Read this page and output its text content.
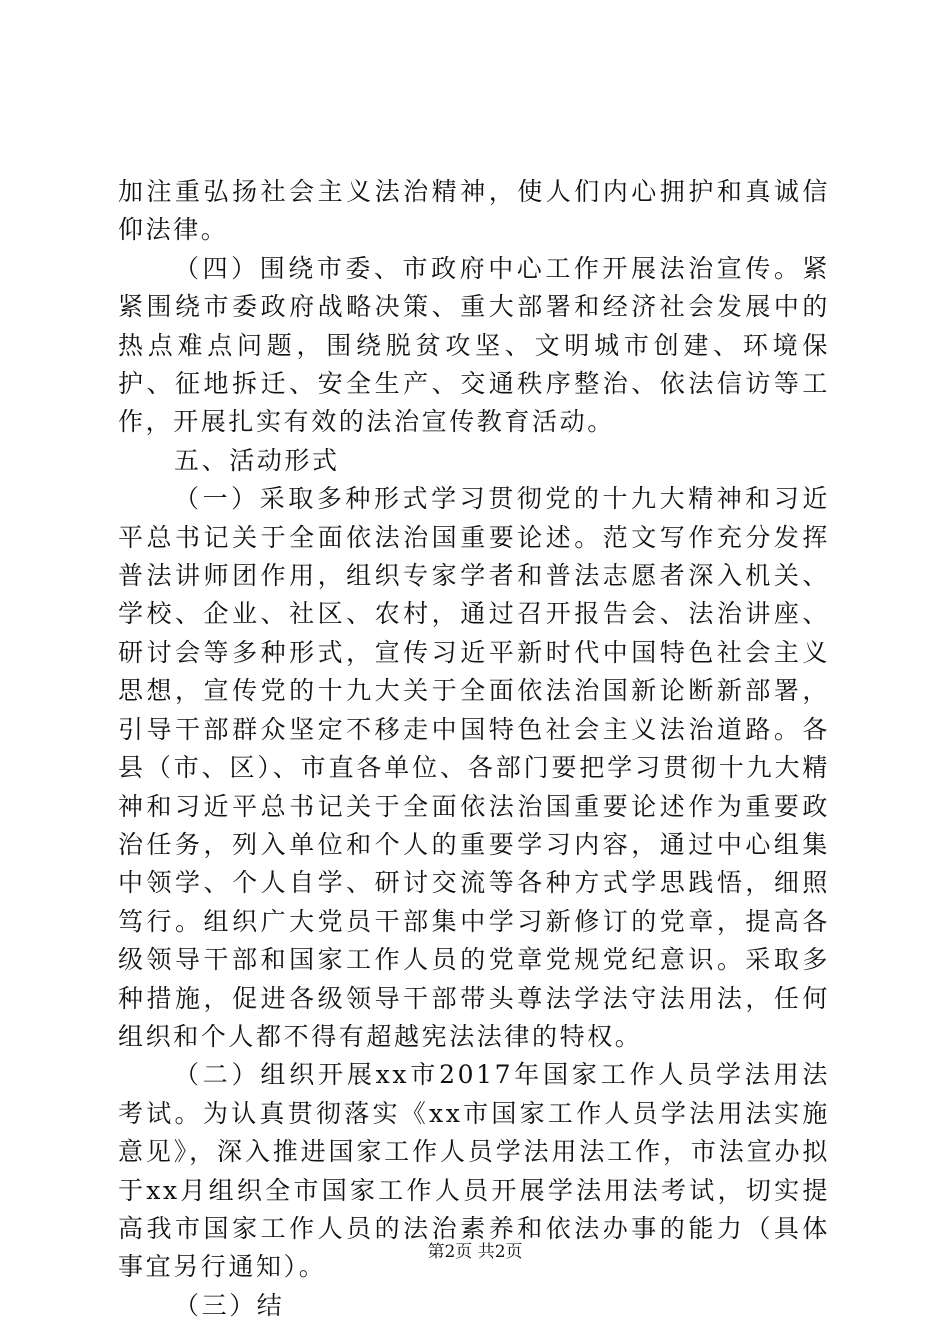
加注重弘扬社会主义法治精神，使人们内心拥护和真诚信仰法律。

（四）围绕市委、市政府中心工作开展法治宣传。紧紧围绕市委政府战略决策、重大部署和经济社会发展中的热点难点问题，围绕脱贫攻坚、文明城市创建、环境保护、征地拆迁、安全生产、交通秩序整治、依法信访等工作，开展扎实有效的法治宣传教育活动。

五、活动形式

（一）采取多种形式学习贯彻党的十九大精神和习近平总书记关于全面依法治国重要论述。范文写作充分发挥普法讲师团作用，组织专家学者和普法志愿者深入机关、学校、企业、社区、农村，通过召开报告会、法治讲座、研讨会等多种形式，宣传习近平新时代中国特色社会主义思想，宣传党的十九大关于全面依法治国新论断新部署，引导干部群众坚定不移走中国特色社会主义法治道路。各县（市、区）、市直各单位、各部门要把学习贯彻十九大精神和习近平总书记关于全面依法治国重要论述作为重要政治任务，列入单位和个人的重要学习内容，通过中心组集中领学、个人自学、研讨交流等各种方式学思践悟，细照笃行。组织广大党员干部集中学习新修订的党章，提高各级领导干部和国家工作人员的党章党规党纪意识。采取多种措施，促进各级领导干部带头尊法学法守法用法，任何组织和个人都不得有超越宪法法律的特权。

（二）组织开展xx市2017年国家工作人员学法用法考试。为认真贯彻落实《xx市国家工作人员学法用法实施意见》，深入推进国家工作人员学法用法工作，市法宣办拟于xx月组织全市国家工作人员开展学法用法考试，切实提高我市国家工作人员的法治素养和依法办事的能力（具体事宜另行通知）。

（三）结

第2页 共2页
